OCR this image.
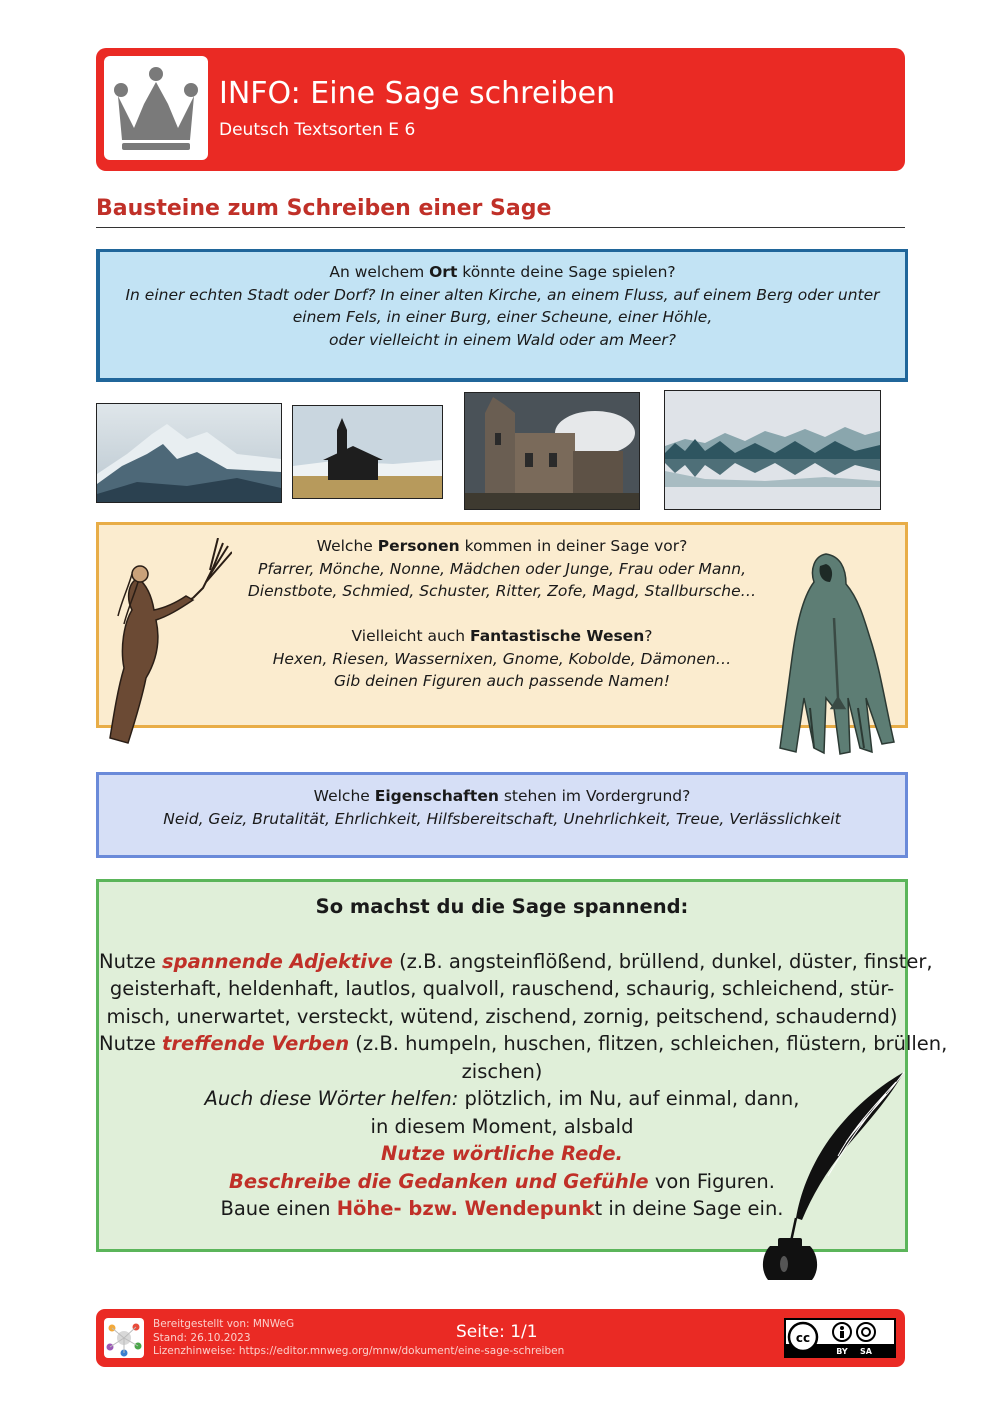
INFO: Eine Sage schreiben
Deutsch Textsorten E 6
Bausteine zum Schreiben einer Sage
An welchem Ort könnte deine Sage spielen?
In einer echten Stadt oder Dorf? In einer alten Kirche, an einem Fluss, auf einem Berg oder unter
einem Fels, in einer Burg, einer Scheune, einer Höhle,
oder vielleicht in einem Wald oder am Meer?
Welche Personen kommen in deiner Sage vor?
Pfarrer, Mönche, Nonne, Mädchen oder Junge, Frau oder Mann,
Dienstbote, Schmied, Schuster, Ritter, Zofe, Magd, Stallbursche…
Vielleicht auch Fantastische Wesen?
Hexen, Riesen, Wassernixen, Gnome, Kobolde, Dämonen…
Gib deinen Figuren auch passende Namen!
Welche Eigenschaften stehen im Vordergrund?
Neid, Geiz, Brutalität, Ehrlichkeit, Hilfsbereitschaft, Unehrlichkeit, Treue, Verlässlichkeit
So machst du die Sage spannend:
Nutze spannende Adjektive (z.B. angsteinflößend, brüllend, dunkel, düster, finster,
geisterhaft, heldenhaft, lautlos, qualvoll, rauschend, schaurig, schleichend, stür-
misch, unerwartet, versteckt, wütend, zischend, zornig, peitschend, schaudernd)
Nutze treffende Verben (z.B. humpeln, huschen, flitzen, schleichen, flüstern, brüllen,
zischen)
Auch diese Wörter helfen: plötzlich, im Nu, auf einmal, dann,
in diesem Moment, alsbald
Nutze wörtliche Rede.
Beschreibe die Gedanken und Gefühle von Figuren.
Baue einen Höhe- bzw. Wendepunkt in deine Sage ein.
Bereitgestellt von: MNWeG
Stand: 26.10.2023
Lizenzhinweise: https://editor.mnweg.org/mnw/dokument/eine-sage-schreiben
Seite: 1/1	cc
BY SA
